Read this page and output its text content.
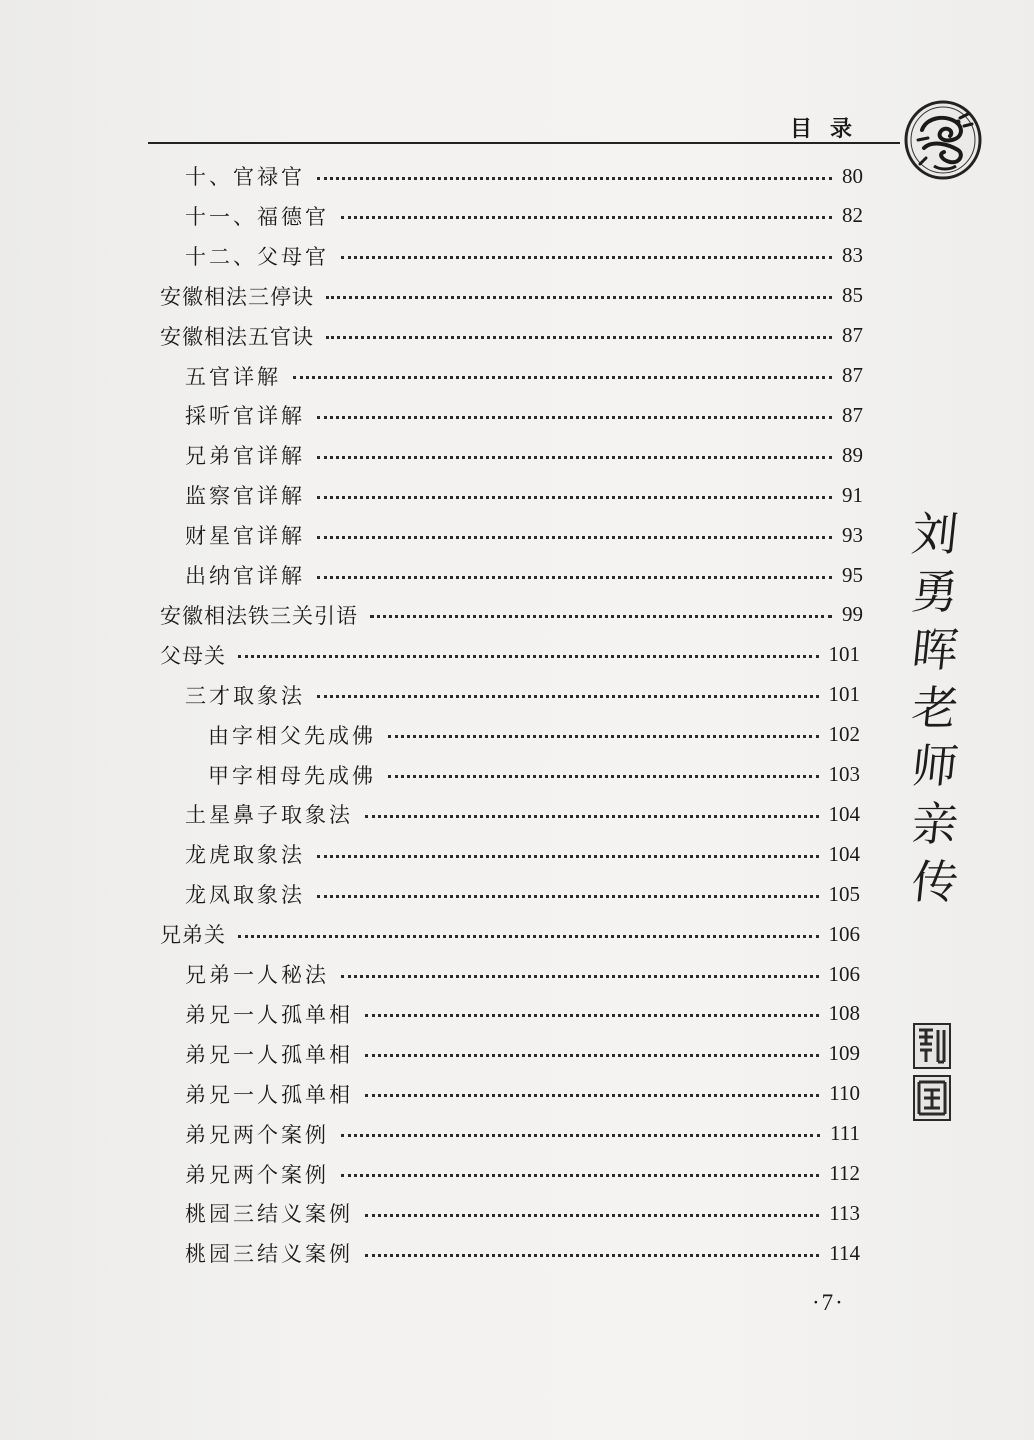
目录
十、官禄官	80
十一、福德官	82
十二、父母官	83
安徽相法三停诀	85
安徽相法五官诀	87
五官详解	87
採听官详解	87
兄弟官详解	89
监察官详解	91
财星官详解	93
出纳官详解	95
安徽相法铁三关引语	99
父母关	101
三才取象法	101
由字相父先成佛	102
甲字相母先成佛	103
土星鼻子取象法	104
龙虎取象法	104
龙凤取象法	105
兄弟关	106
兄弟一人秘法	106
弟兄一人孤单相	108
弟兄一人孤单相	109
弟兄一人孤单相	110
弟兄两个案例	111
弟兄两个案例	112
桃园三结义案例	113
桃园三结义案例	114
刘
勇
晖
老
师
亲
传
·7·
